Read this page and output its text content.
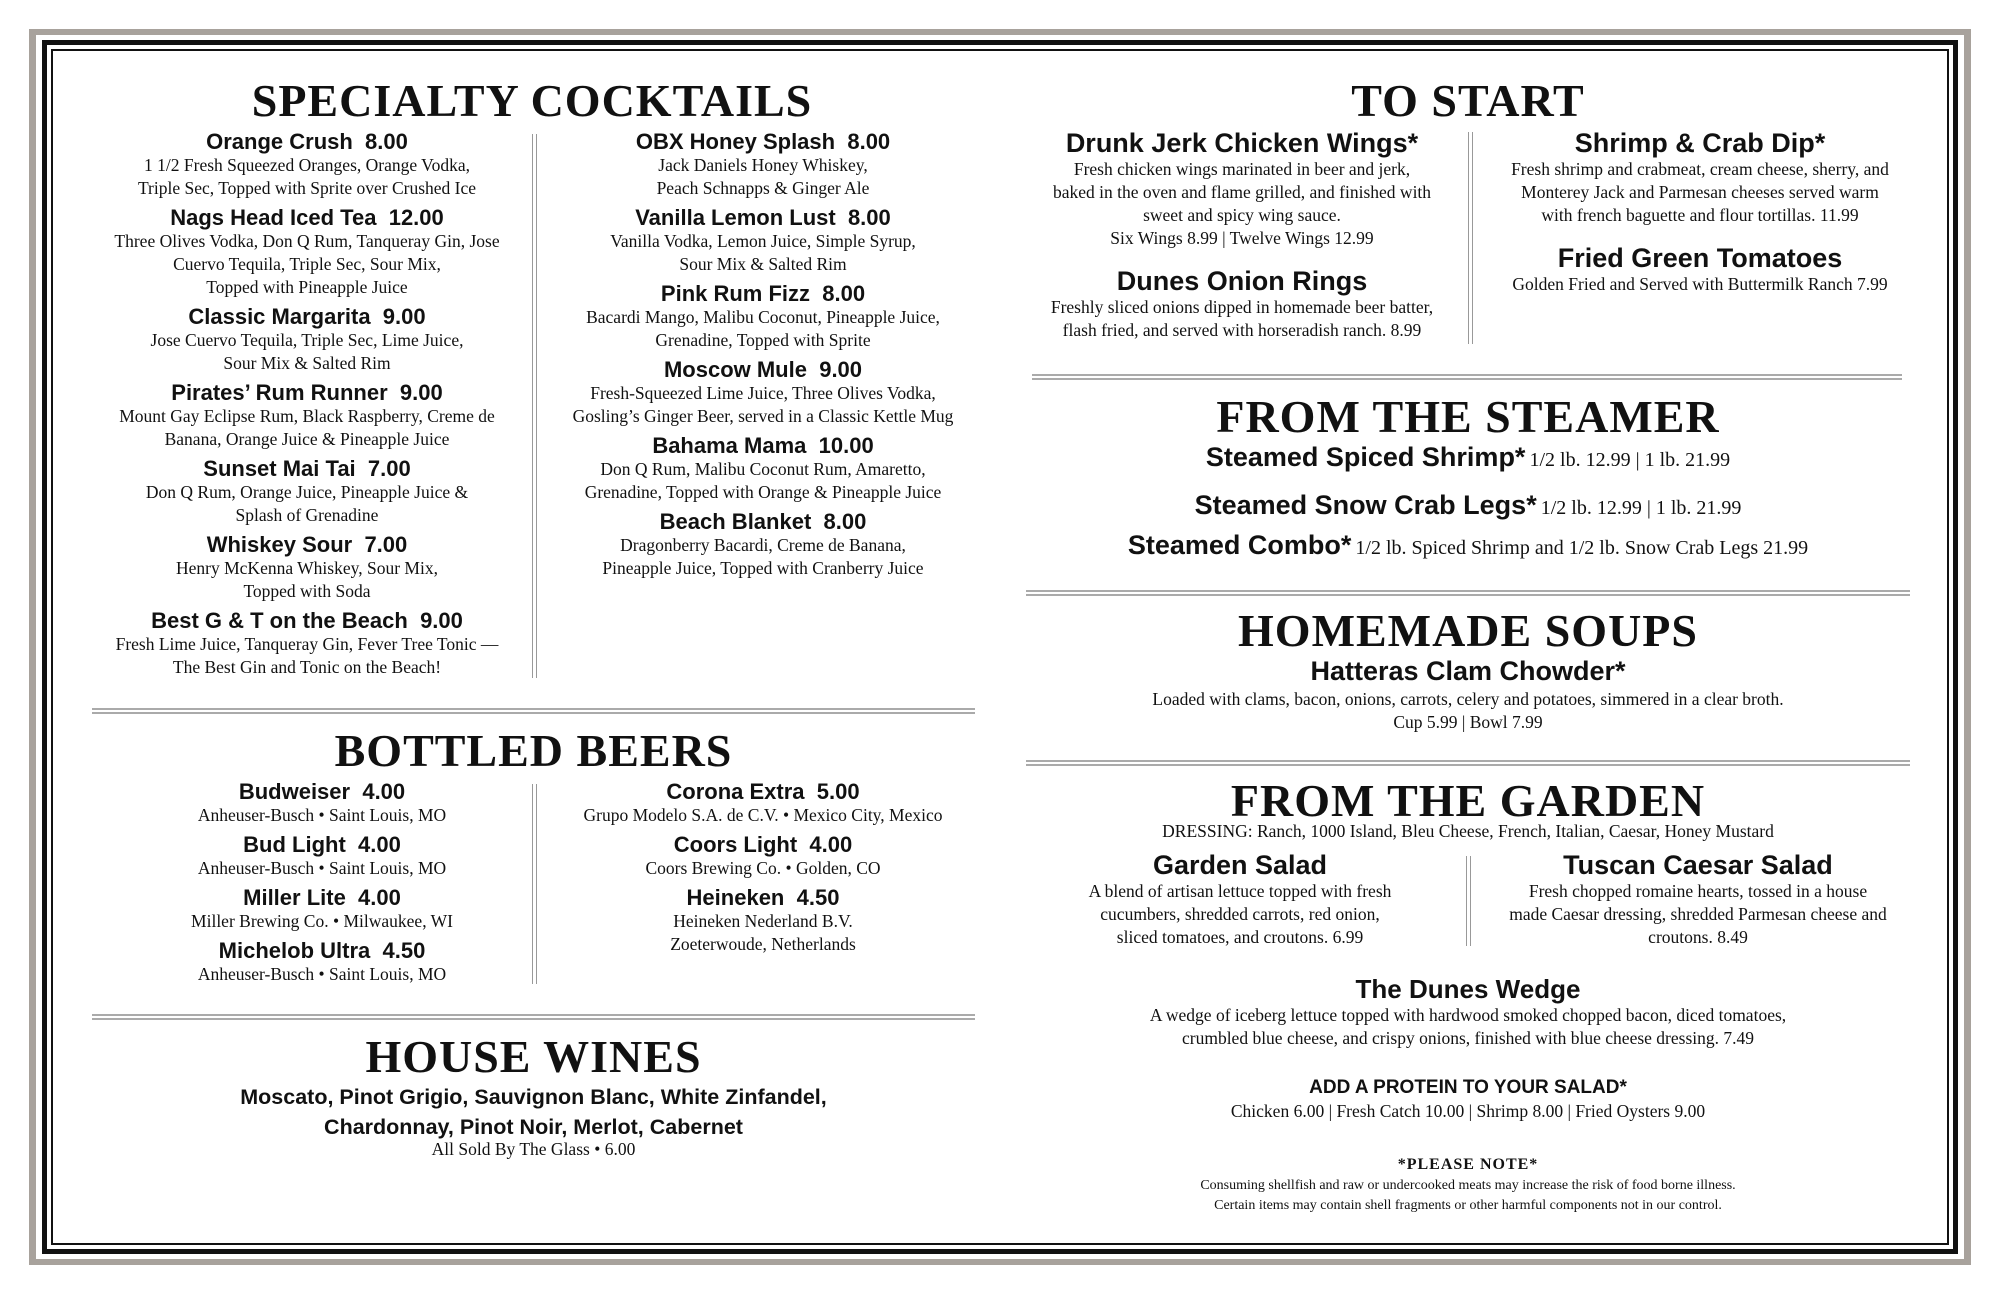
SPECIALTY COCKTAILS
Orange Crush 8.00
1 1/2 Fresh Squeezed Oranges, Orange Vodka,
Triple Sec, Topped with Sprite over Crushed Ice
Nags Head Iced Tea 12.00
Three Olives Vodka, Don Q Rum, Tanqueray Gin, Jose
Cuervo Tequila, Triple Sec, Sour Mix,
Topped with Pineapple Juice
Classic Margarita 9.00
Jose Cuervo Tequila, Triple Sec, Lime Juice,
Sour Mix & Salted Rim
Pirates’ Rum Runner 9.00
Mount Gay Eclipse Rum, Black Raspberry, Creme de
Banana, Orange Juice & Pineapple Juice
Sunset Mai Tai 7.00
Don Q Rum, Orange Juice, Pineapple Juice &
Splash of Grenadine
Whiskey Sour 7.00
Henry McKenna Whiskey, Sour Mix,
Topped with Soda
Best G & T on the Beach 9.00
Fresh Lime Juice, Tanqueray Gin, Fever Tree Tonic —
The Best Gin and Tonic on the Beach!
OBX Honey Splash 8.00
Jack Daniels Honey Whiskey,
Peach Schnapps & Ginger Ale
Vanilla Lemon Lust 8.00
Vanilla Vodka, Lemon Juice, Simple Syrup,
Sour Mix & Salted Rim
Pink Rum Fizz 8.00
Bacardi Mango, Malibu Coconut, Pineapple Juice,
Grenadine, Topped with Sprite
Moscow Mule 9.00
Fresh-Squeezed Lime Juice, Three Olives Vodka,
Gosling’s Ginger Beer, served in a Classic Kettle Mug
Bahama Mama 10.00
Don Q Rum, Malibu Coconut Rum, Amaretto,
Grenadine, Topped with Orange & Pineapple Juice
Beach Blanket 8.00
Dragonberry Bacardi, Creme de Banana,
Pineapple Juice, Topped with Cranberry Juice
BOTTLED BEERS
Budweiser 4.00
Anheuser-Busch • Saint Louis, MO
Bud Light 4.00
Anheuser-Busch • Saint Louis, MO
Miller Lite 4.00
Miller Brewing Co. • Milwaukee, WI
Michelob Ultra 4.50
Anheuser-Busch • Saint Louis, MO
Corona Extra 5.00
Grupo Modelo S.A. de C.V. • Mexico City, Mexico
Coors Light 4.00
Coors Brewing Co. • Golden, CO
Heineken 4.50
Heineken Nederland B.V.
Zoeterwoude, Netherlands
HOUSE WINES
Moscato, Pinot Grigio, Sauvignon Blanc, White Zinfandel,
Chardonnay, Pinot Noir, Merlot, Cabernet
All Sold By The Glass • 6.00
TO START
Drunk Jerk Chicken Wings*
Fresh chicken wings marinated in beer and jerk,
baked in the oven and flame grilled, and finished with
sweet and spicy wing sauce.
Six Wings 8.99 | Twelve Wings 12.99
Dunes Onion Rings
Freshly sliced onions dipped in homemade beer batter,
flash fried, and served with horseradish ranch. 8.99
Shrimp & Crab Dip*
Fresh shrimp and crabmeat, cream cheese, sherry, and
Monterey Jack and Parmesan cheeses served warm
with french baguette and flour tortillas. 11.99
Fried Green Tomatoes
Golden Fried and Served with Buttermilk Ranch 7.99
FROM THE STEAMER
Steamed Spiced Shrimp* 1/2 lb. 12.99 | 1 lb. 21.99
Steamed Snow Crab Legs* 1/2 lb. 12.99 | 1 lb. 21.99
Steamed Combo* 1/2 lb. Spiced Shrimp and 1/2 lb. Snow Crab Legs 21.99
HOMEMADE SOUPS
Hatteras Clam Chowder*
Loaded with clams, bacon, onions, carrots, celery and potatoes, simmered in a clear broth.
Cup 5.99 | Bowl 7.99
FROM THE GARDEN
DRESSING: Ranch, 1000 Island, Bleu Cheese, French, Italian, Caesar, Honey Mustard
Garden Salad
A blend of artisan lettuce topped with fresh
cucumbers, shredded carrots, red onion,
sliced tomatoes, and croutons. 6.99
Tuscan Caesar Salad
Fresh chopped romaine hearts, tossed in a house
made Caesar dressing, shredded Parmesan cheese and
croutons. 8.49
The Dunes Wedge
A wedge of iceberg lettuce topped with hardwood smoked chopped bacon, diced tomatoes,
crumbled blue cheese, and crispy onions, finished with blue cheese dressing. 7.49
ADD A PROTEIN TO YOUR SALAD*
Chicken 6.00 | Fresh Catch 10.00 | Shrimp 8.00 | Fried Oysters 9.00
*PLEASE NOTE*
Consuming shellfish and raw or undercooked meats may increase the risk of food borne illness.
Certain items may contain shell fragments or other harmful components not in our control.
